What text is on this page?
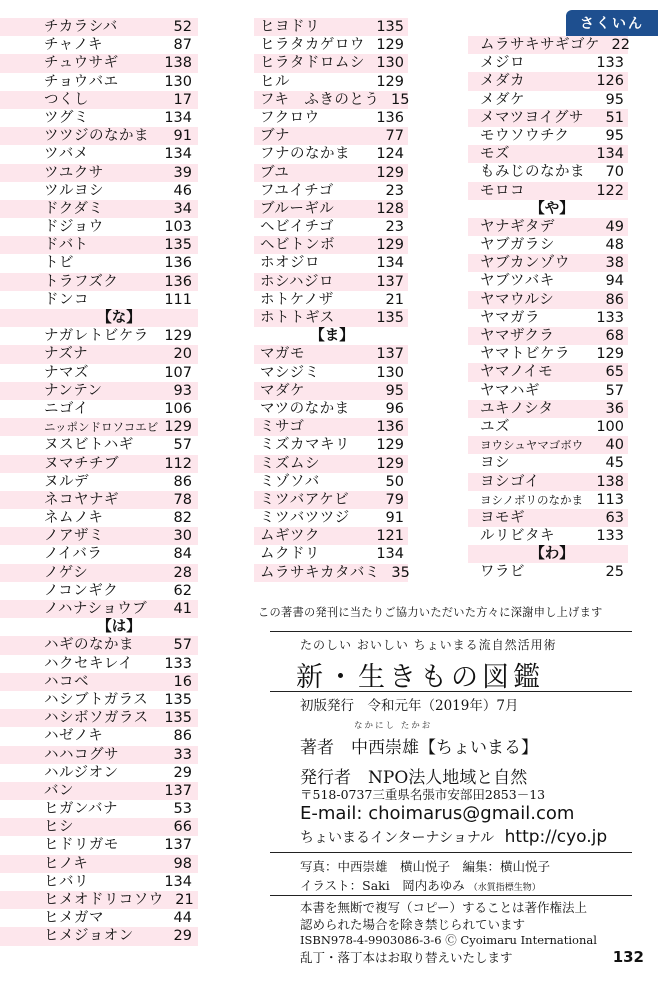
さくいん
チカラシバ	52
チャノキ	87
チュウサギ	138
チョウバエ	130
つくし	17
ツグミ	134
ツツジのなかま	91
ツバメ	134
ツユクサ	39
ツルヨシ	46
ドクダミ	34
ドジョウ	103
ドバト	135
トビ	136
トラフズク	136
ドンコ	111
【な】
ナガレトビケラ 129
ナズナ	20
ナマズ	107
ナンテン	93
ニゴイ	106
ニッポンドロソコエビ 129
ヌスビトハギ	57
ヌマチチブ	112
ヌルデ	86
ネコヤナギ	78
ネムノキ	82
ノアザミ	30
ノイバラ	84
ノゲシ	28
ノコンギク	62
ノハナショウブ	41
【は】
ハギのなかま	57
ハクセキレイ 133
ハコベ	16
ハシブトガラス 135
ハシボソガラス 135
ハゼノキ	86
ハハコグサ	33
ハルジオン	29
バン	137
ヒガンバナ	53
ヒシ	66
ヒドリガモ	137
ヒノキ	98
ヒバリ	134
ヒメオドリコソウ 21
ヒメガマ	44
ヒメジョオン	29
ヒヨドリ	135
ヒラタカゲロウ 129
ヒラタドロムシ 130
ヒル	129
フキ　ふきのとう 15
フクロウ	136
ブナ	77
フナのなかま 124
ブユ	129
フユイチゴ	23
ブルーギル	128
ヘビイチゴ	23
ヘビトンボ	129
ホオジロ	134
ホシハジロ	137
ホトケノザ	21
ホトトギス	135
【ま】
マガモ	137
マシジミ	130
マダケ	95
マツのなかま	96
ミサゴ	136
ミズカマキリ 129
ミズムシ	129
ミゾソバ	50
ミツバアケビ	79
ミツバツツジ	91
ムギツク	121
ムクドリ	134
ムラサキカタバミ 35
ムラサキサギゴケ 22
メジロ	133
メダカ	126
メダケ	95
メマツヨイグサ	51
モウソウチク	95
モズ	134
もみじのなかま	70
モロコ	122
【や】
ヤナギタデ	49
ヤブガラシ	48
ヤブカンゾウ	38
ヤブツバキ	94
ヤマウルシ	86
ヤマガラ	133
ヤマザクラ	68
ヤマトビケラ 129
ヤマノイモ	65
ヤマハギ	57
ユキノシタ	36
ユズ	100
ヨウシュヤマゴボウ	40
ヨシ	45
ヨシゴイ	138
ヨシノボリのなかま 113
ヨモギ	63
ルリビタキ	133
【わ】
ワラビ	25
この著書の発刊に当たりご協力いただいた方々に深謝申し上げます
たのしい おいしい ちょいまる流自然活用術
新・生きもの図鑑
初版発行　令和元年（2019年）7月
なかにし たかお
著者　中西崇雄【ちょいまる】
発行者　NPO法人地域と自然
〒518-0737三重県名張市安部田2853－13
E-mail: choimarus@gmail.com
ちょいまるインターナショナル http://cyo.jp
写真：中西崇雄　横山悦子　編集：横山悦子
イラスト：Saki　岡内あゆみ （水質指標生物）
本書を無断で複写（コピー）することは著作権法上
認められた場合を除き禁じられています
ISBN978-4-9903086-3-6 Ⓒ Cyoimaru International
乱丁・落丁本はお取り替えいたします	132
